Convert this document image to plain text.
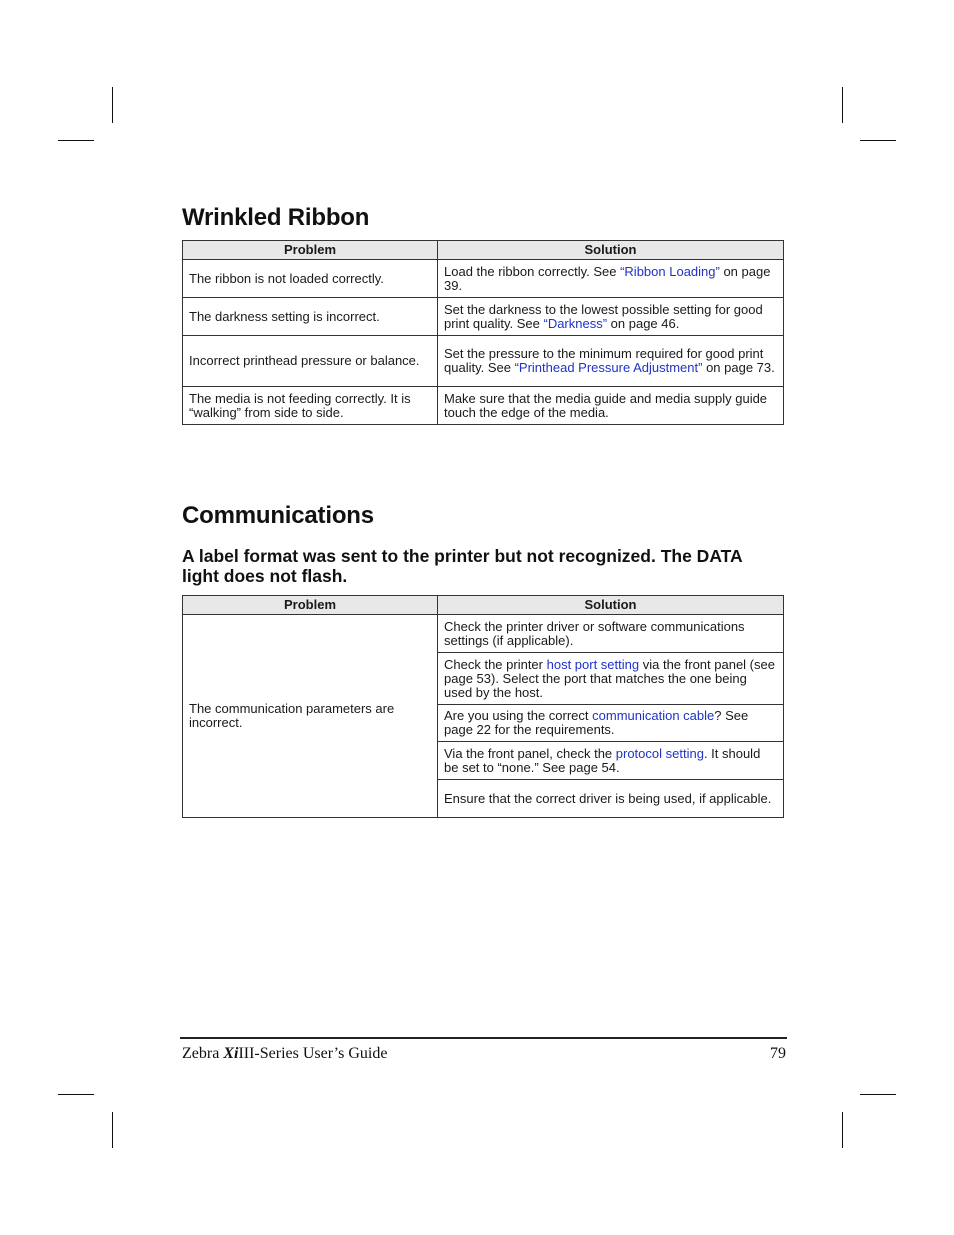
Wrinkled Ribbon
Problem	Solution
The ribbon is not loaded correctly.	Load the ribbon correctly. See “Ribbon Loading” on page 39.
The darkness setting is incorrect.	Set the darkness to the lowest possible setting for good print quality. See “Darkness” on page 46.
Incorrect printhead pressure or balance.	Set the pressure to the minimum required for good print quality. See “Printhead Pressure Adjustment” on page 73.
The media is not feeding correctly. It is “walking” from side to side.	Make sure that the media guide and media supply guide touch the edge of the media.
Communications
A label format was sent to the printer but not recognized. The DATA light does not flash.
Problem	Solution
The communication parameters are incorrect.	Check the printer driver or software communications settings (if applicable).
	Check the printer host port setting via the front panel (see page 53). Select the port that matches the one being used by the host.
	Are you using the correct communication cable? See page 22 for the requirements.
	Via the front panel, check the protocol setting. It should be set to “none.” See page 54.
	Ensure that the correct driver is being used, if applicable.
Zebra XiIII-Series User’s Guide	79
